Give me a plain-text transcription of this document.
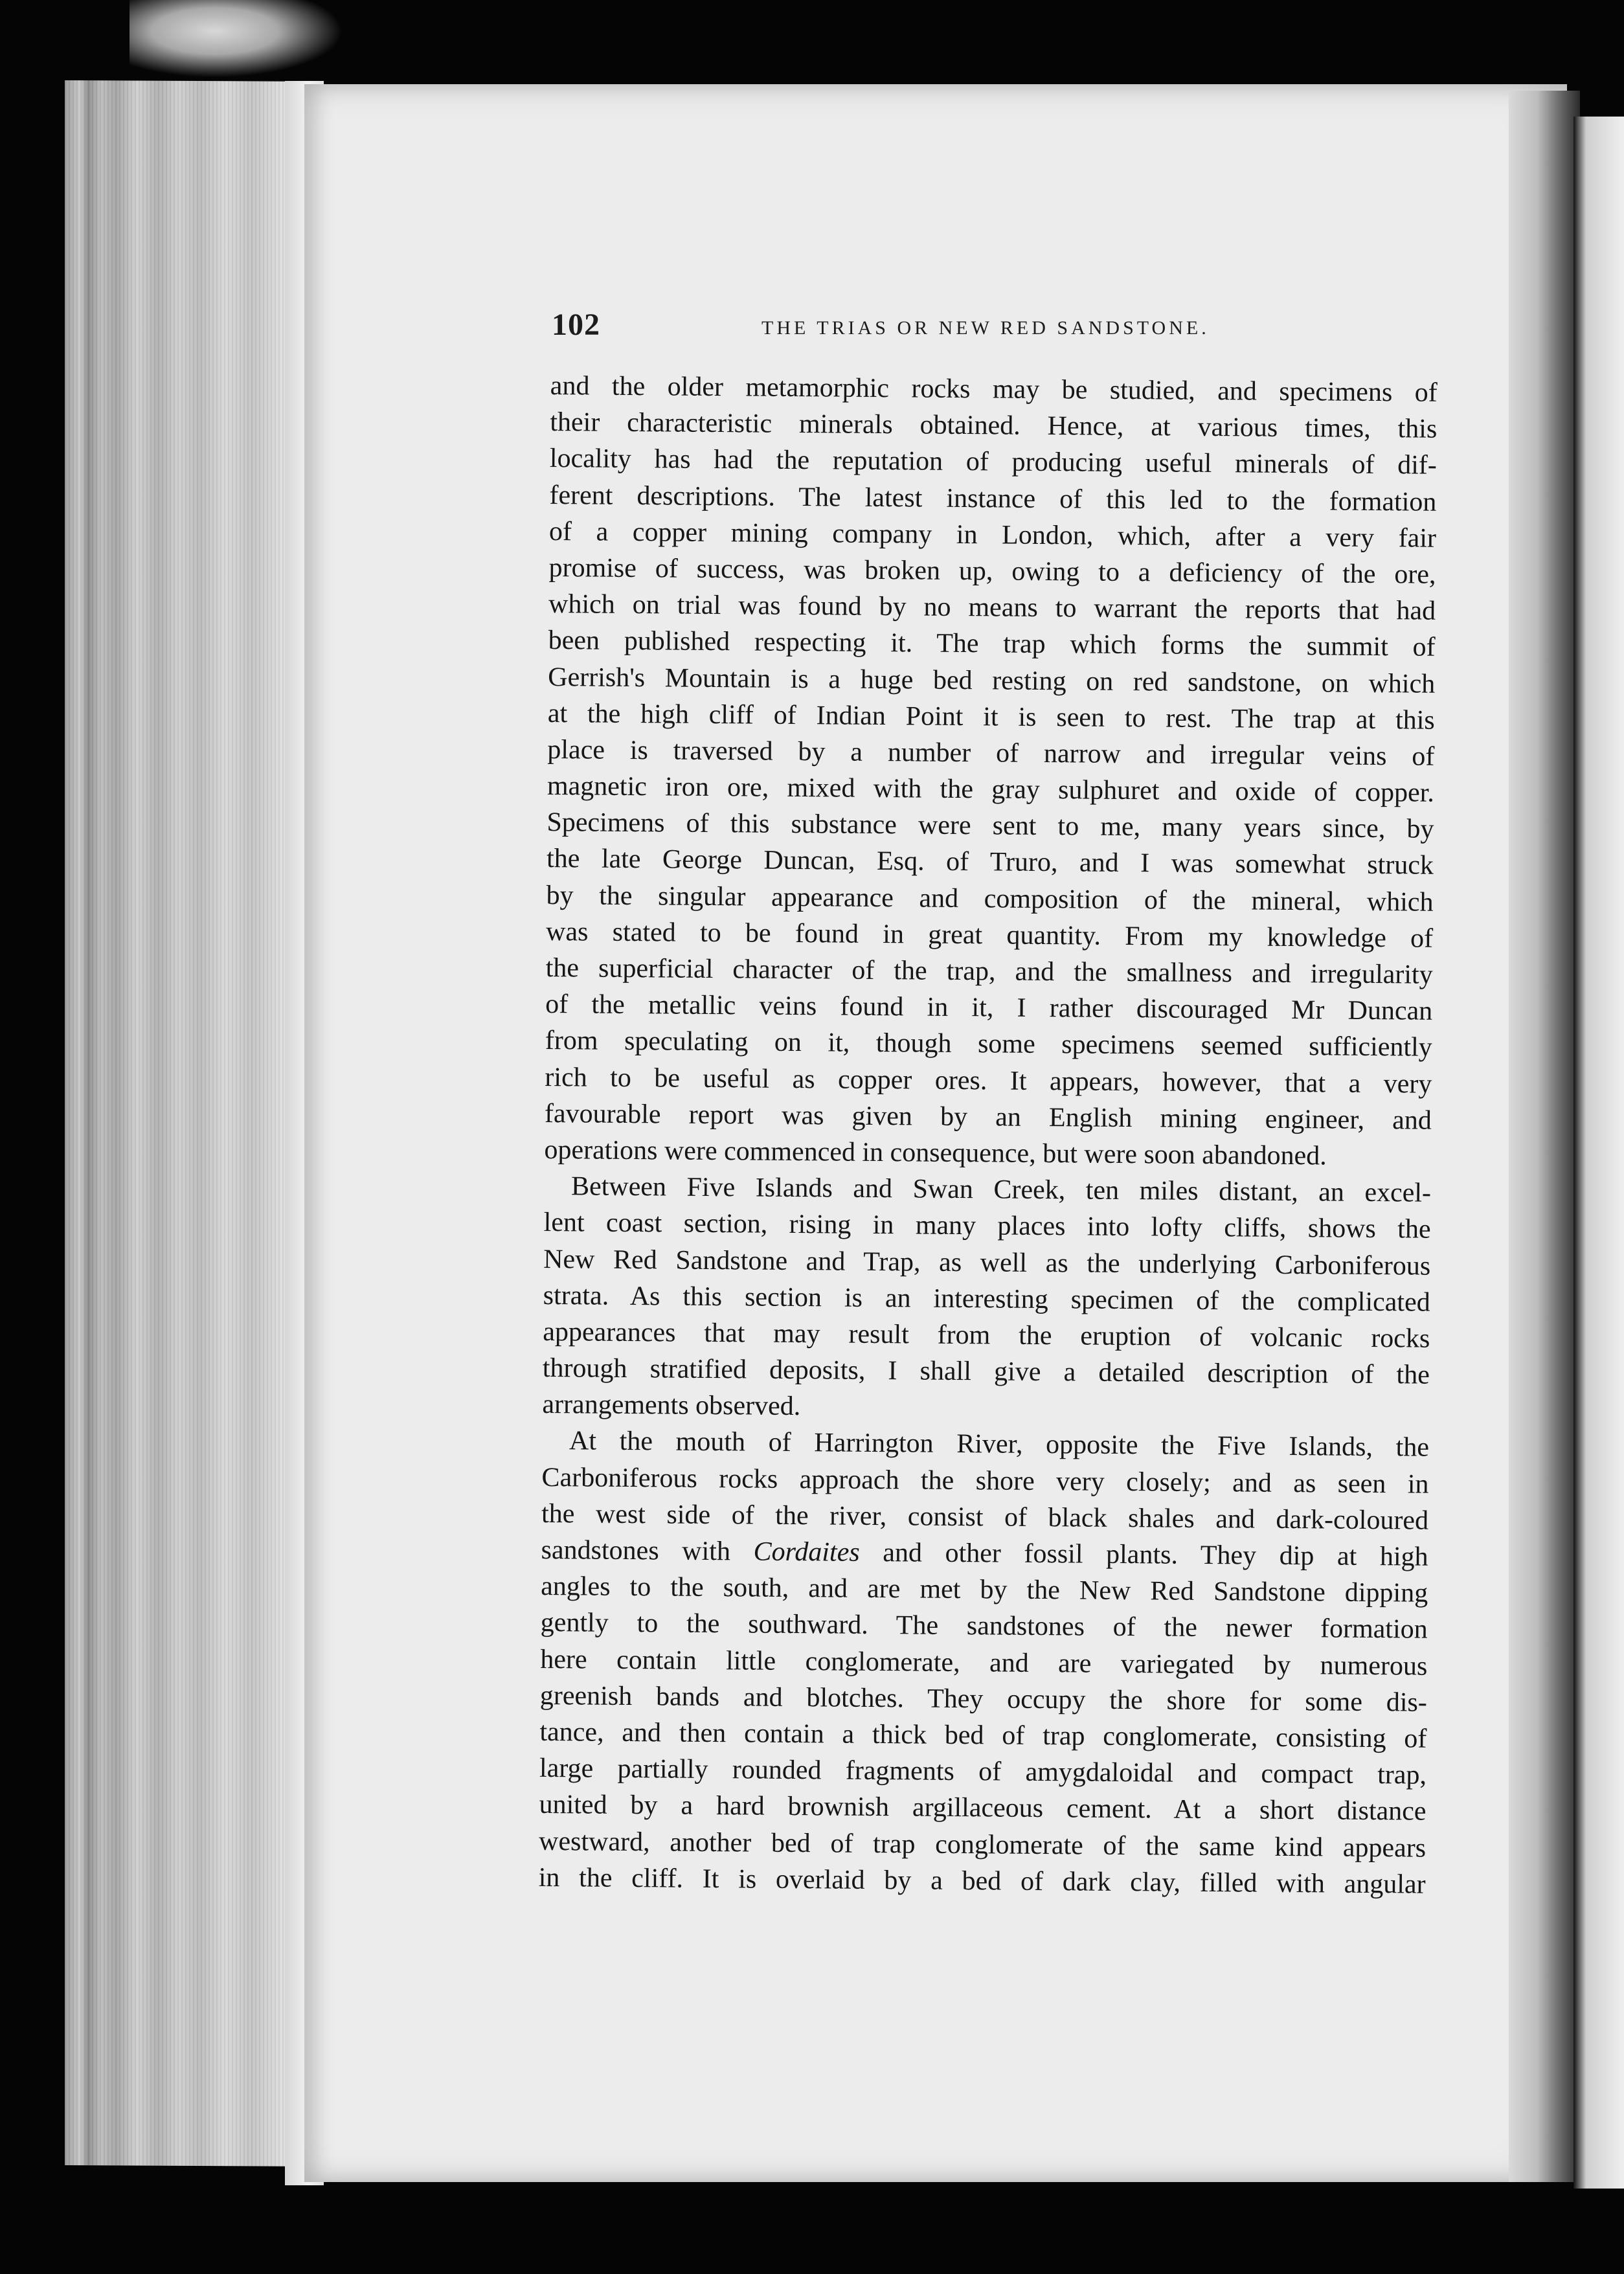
102	THE TRIAS OR NEW RED SANDSTONE.
and the older metamorphic rocks may be studied, and specimens of
their characteristic minerals obtained. Hence, at various times, this
locality has had the reputation of producing useful minerals of dif-
ferent descriptions. The latest instance of this led to the formation
of a copper mining company in London, which, after a very fair
promise of success, was broken up, owing to a deficiency of the ore,
which on trial was found by no means to warrant the reports that had
been published respecting it. The trap which forms the summit of
Gerrish's Mountain is a huge bed resting on red sandstone, on which
at the high cliff of Indian Point it is seen to rest. The trap at this
place is traversed by a number of narrow and irregular veins of
magnetic iron ore, mixed with the gray sulphuret and oxide of copper.
Specimens of this substance were sent to me, many years since, by
the late George Duncan, Esq. of Truro, and I was somewhat struck
by the singular appearance and composition of the mineral, which
was stated to be found in great quantity. From my knowledge of
the superficial character of the trap, and the smallness and irregularity
of the metallic veins found in it, I rather discouraged Mr Duncan
from speculating on it, though some specimens seemed sufficiently
rich to be useful as copper ores. It appears, however, that a very
favourable report was given by an English mining engineer, and
operations were commenced in consequence, but were soon abandoned.
Between Five Islands and Swan Creek, ten miles distant, an excel-
lent coast section, rising in many places into lofty cliffs, shows the
New Red Sandstone and Trap, as well as the underlying Carboniferous
strata. As this section is an interesting specimen of the complicated
appearances that may result from the eruption of volcanic rocks
through stratified deposits, I shall give a detailed description of the
arrangements observed.
At the mouth of Harrington River, opposite the Five Islands, the
Carboniferous rocks approach the shore very closely; and as seen in
the west side of the river, consist of black shales and dark-coloured
sandstones with Cordaites and other fossil plants. They dip at high
angles to the south, and are met by the New Red Sandstone dipping
gently to the southward. The sandstones of the newer formation
here contain little conglomerate, and are variegated by numerous
greenish bands and blotches. They occupy the shore for some dis-
tance, and then contain a thick bed of trap conglomerate, consisting of
large partially rounded fragments of amygdaloidal and compact trap,
united by a hard brownish argillaceous cement. At a short distance
westward, another bed of trap conglomerate of the same kind appears
in the cliff. It is overlaid by a bed of dark clay, filled with angular
